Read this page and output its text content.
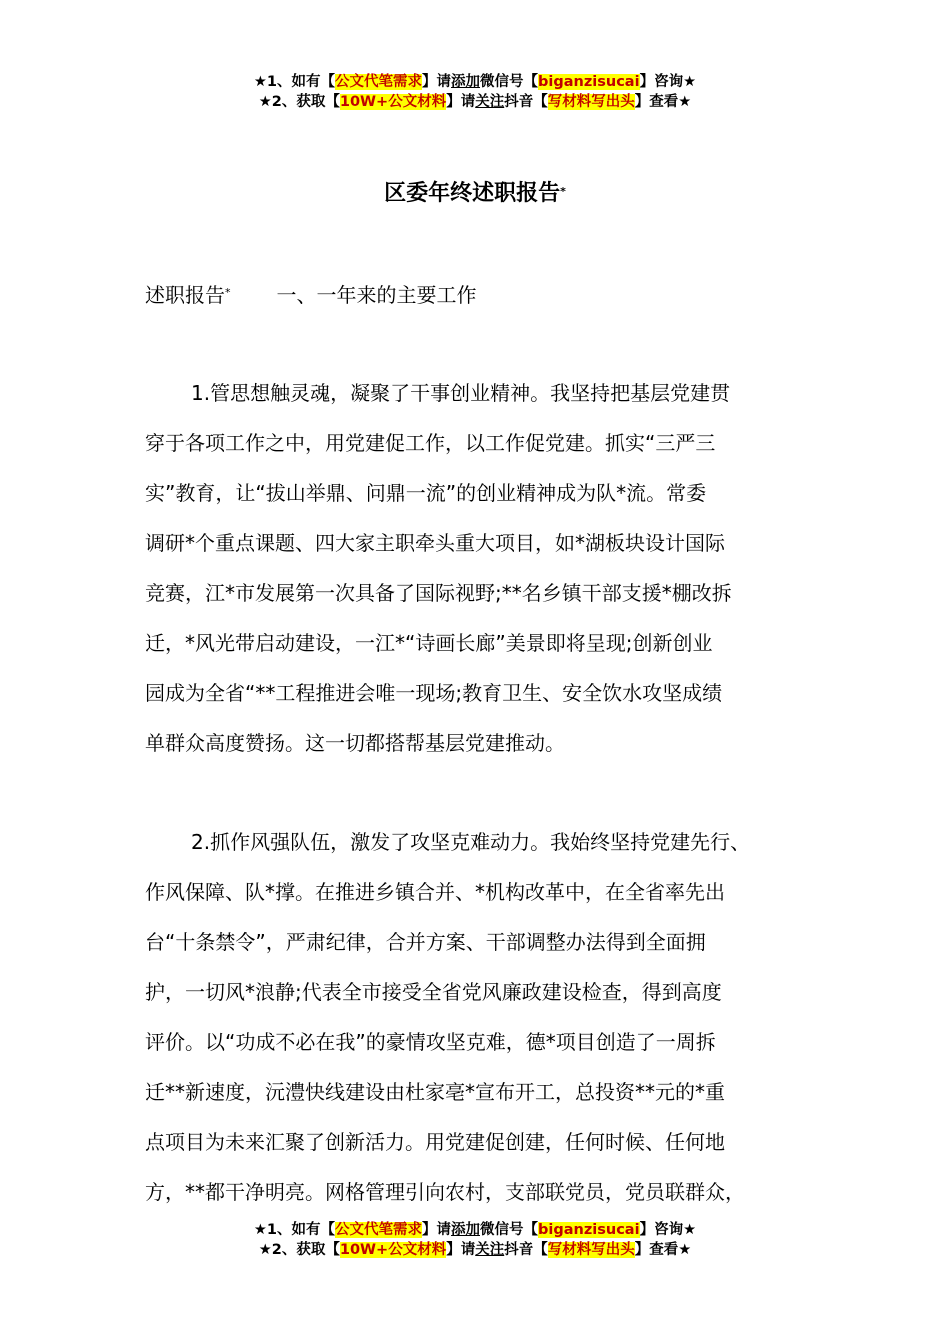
★1、如有【公文代笔需求】请添加微信号【biganzisucai】咨询★
★2、获取【10W+公文材料】请关注抖音【写材料写出头】查看★
区委年终述职报告*
述职报告* 一、一年来的主要工作
1.管思想触灵魂，凝聚了干事创业精神。我坚持把基层党建贯
穿于各项工作之中，用党建促工作，以工作促党建。抓实“三严三
实”教育，让“拔山举鼎、问鼎一流”的创业精神成为队*流。常委
调研*个重点课题、四大家主职牵头重大项目，如*湖板块设计国际
竞赛，江*市发展第一次具备了国际视野;**名乡镇干部支援*棚改拆
迁，*风光带启动建设，一江*“诗画长廊”美景即将呈现;创新创业
园成为全省“**工程推进会唯一现场;教育卫生、安全饮水攻坚成绩
单群众高度赞扬。这一切都搭帮基层党建推动。
2.抓作风强队伍，激发了攻坚克难动力。我始终坚持党建先行、
作风保障、队*撑。在推进乡镇合并、*机构改革中，在全省率先出
台“十条禁令”，严肃纪律，合并方案、干部调整办法得到全面拥
护，一切风*浪静;代表全市接受全省党风廉政建设检查，得到高度
评价。以“功成不必在我”的豪情攻坚克难，德*项目创造了一周拆
迁**新速度，沅澧快线建设由杜家亳*宣布开工，总投资**元的*重
点项目为未来汇聚了创新活力。用党建促创建，任何时候、任何地
方，**都干净明亮。网格管理引向农村，支部联党员，党员联群众，
★1、如有【公文代笔需求】请添加微信号【biganzisucai】咨询★
★2、获取【10W+公文材料】请关注抖音【写材料写出头】查看★
